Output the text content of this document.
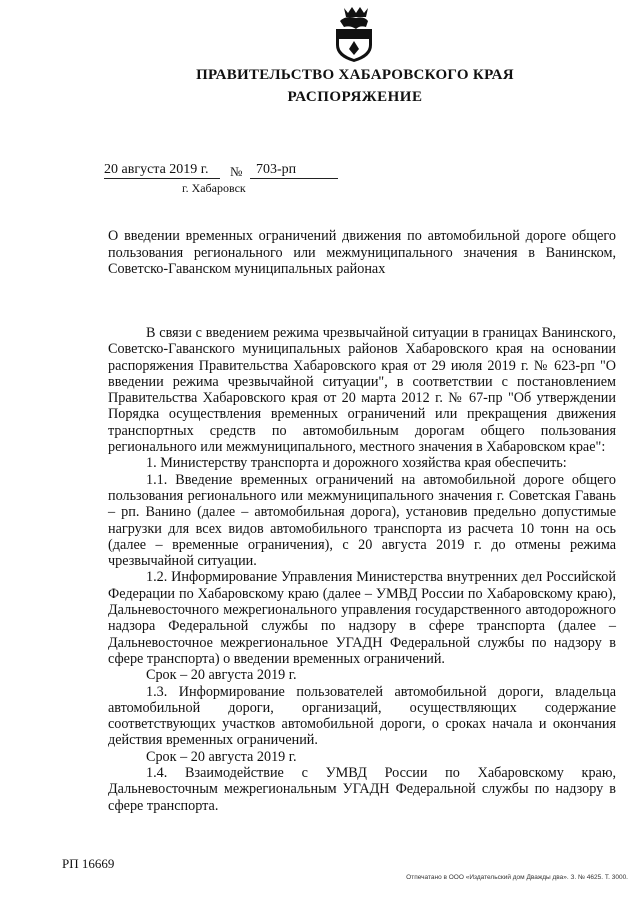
ПРАВИТЕЛЬСТВО ХАБАРОВСКОГО КРАЯ
РАСПОРЯЖЕНИЕ
20 августа 2019 г.	№ 703-рп
г. Хабаровск
О введении временных ограничений движения по автомобильной дороге общего пользования регионального или межмуниципального значения в Ванинском, Советско-Гаванском муниципальных районах

В связи с введением режима чрезвычайной ситуации в границах Ванинского, Советско-Гаванского муниципальных районов Хабаровского края на основании распоряжения Правительства Хабаровского края от 29 июля 2019 г. № 623-рп "О введении режима чрезвычайной ситуации", в соответствии с постановлением Правительства Хабаровского края от 20 марта 2012 г. № 67-пр "Об утверждении Порядка осуществления временных ограничений или прекращения движения транспортных средств по автомобильным дорогам общего пользования регионального или межмуниципального, местного значения в Хабаровском крае":

1. Министерству транспорта и дорожного хозяйства края обеспечить:

1.1. Введение временных ограничений на автомобильной дороге общего пользования регионального или межмуниципального значения г. Советская Гавань – рп. Ванино (далее – автомобильная дорога), установив предельно допустимые нагрузки для всех видов автомобильного транспорта из расчета 10 тонн на ось (далее – временные ограничения), с 20 августа 2019 г. до отмены режима чрезвычайной ситуации.

1.2. Информирование Управления Министерства внутренних дел Российской Федерации по Хабаровскому краю (далее – УМВД России по Хабаровскому краю), Дальневосточного межрегионального управления государственного автодорожного надзора Федеральной службы по надзору в сфере транспорта (далее – Дальневосточное межрегиональное УГАДН Федеральной службы по надзору в сфере транспорта) о введении временных ограничений.

Срок – 20 августа 2019 г.

1.3. Информирование пользователей автомобильной дороги, владельца автомобильной дороги, организаций, осуществляющих содержание соответствующих участков автомобильной дороги, о сроках начала и окончания действия временных ограничений.

Срок – 20 августа 2019 г.

1.4. Взаимодействие с УМВД России по Хабаровскому краю, Дальневосточным межрегиональным УГАДН Федеральной службы по надзору в сфере транспорта.

РП 16669
Отпечатано в ООО «Издательский дом Дважды два». З. № 4625. Т. 3000.
